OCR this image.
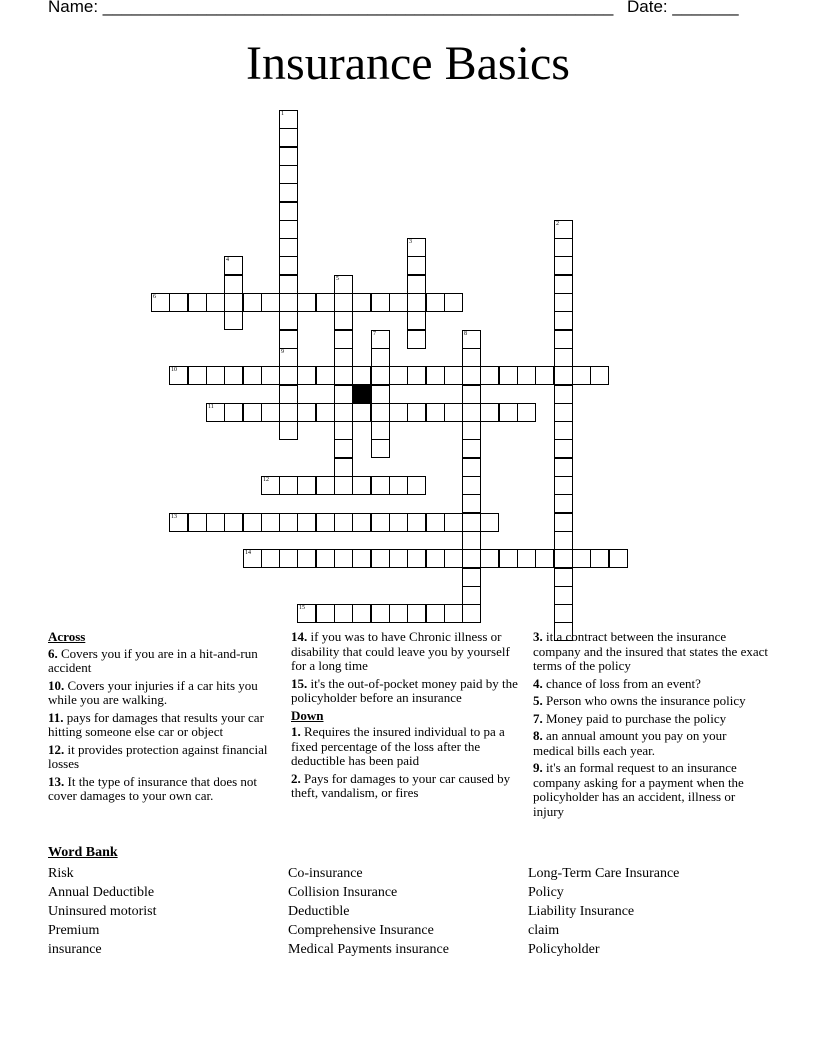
Name: ______________________________________________________ Date: _______
Insurance Basics
1
2
3
4
5
6
7	8
9
10
11
12
13
14
15
Across
6. Covers you if you are in a hit-and-run accident
10. Covers your injuries if a car hits you while you are walking.
11. pays for damages that results your car hitting someone else car or object
12. it provides protection against financial losses
13. It the type of insurance that does not cover damages to your own car.
14. if you was to have Chronic illness or disability that could leave you by yourself for a long time
15. it's the out-of-pocket money paid by the policyholder before an insurance
Down
1. Requires the insured individual to pa a fixed percentage of the loss after the deductible has been paid
2. Pays for damages to your car caused by theft, vandalism, or fires
3. it a contract between the insurance company and the insured that states the exact terms of the policy
4. chance of loss from an event?
5. Person who owns the insurance policy
7. Money paid to purchase the policy
8. an annual amount you pay on your medical bills each year.
9. it's an formal request to an insurance company asking for a payment when the policyholder has an accident, illness or injury
Word Bank
Risk
Annual Deductible
Uninsured motorist
Premium
insurance
Co-insurance
Collision Insurance
Deductible
Comprehensive Insurance
Medical Payments insurance
Long-Term Care Insurance
Policy
Liability Insurance
claim
Policyholder
